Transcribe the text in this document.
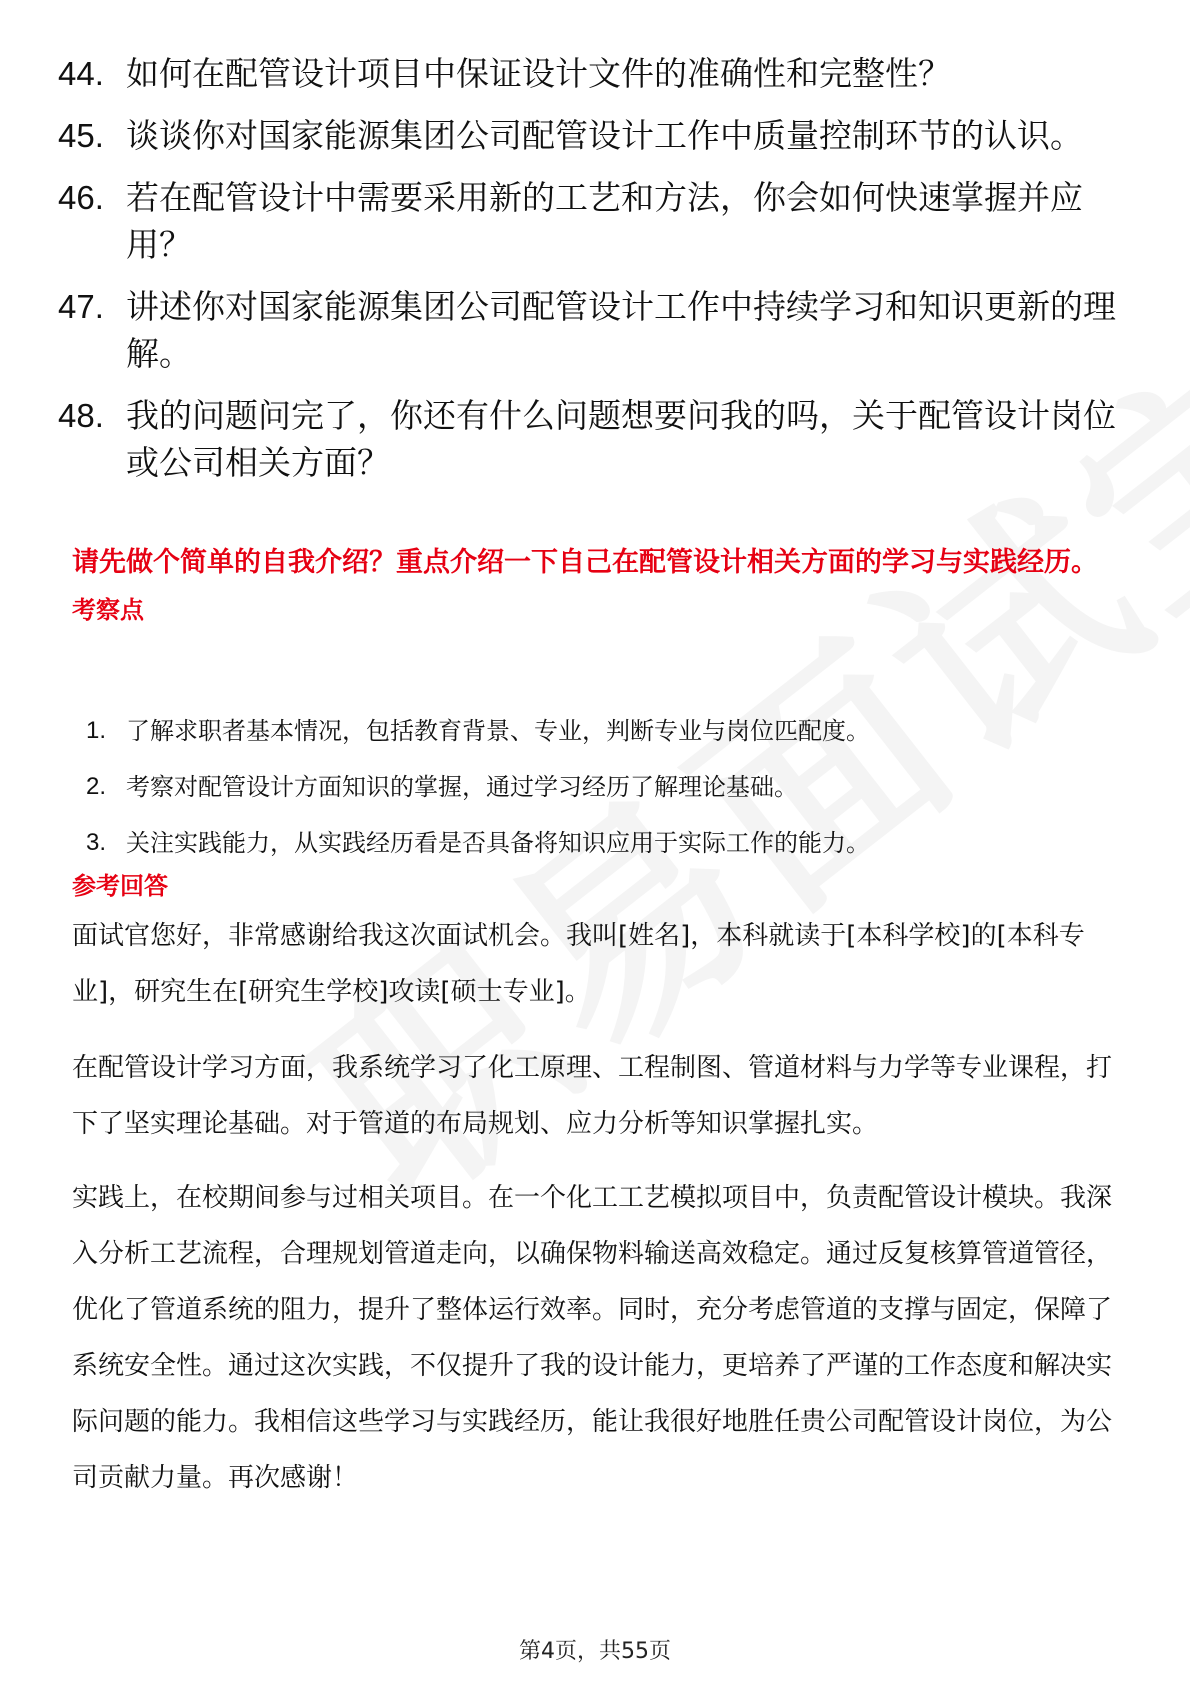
44. 如何在配管设计项目中保证设计文件的准确性和完整性？
45. 谈谈你对国家能源集团公司配管设计工作中质量控制环节的认识。
46. 若在配管设计中需要采用新的工艺和方法，你会如何快速掌握并应用？
47. 讲述你对国家能源集团公司配管设计工作中持续学习和知识更新的理解。
48. 我的问题问完了，你还有什么问题想要问我的吗，关于配管设计岗位或公司相关方面？
请先做个简单的自我介绍？重点介绍一下自己在配管设计相关方面的学习与实践经历。
考察点
1. 了解求职者基本情况，包括教育背景、专业，判断专业与岗位匹配度。
2. 考察对配管设计方面知识的掌握，通过学习经历了解理论基础。
3. 关注实践能力，从实践经历看是否具备将知识应用于实际工作的能力。
参考回答
面试官您好，非常感谢给我这次面试机会。我叫[姓名]，本科就读于[本科学校]的[本科专业]，研究生在[研究生学校]攻读[硕士专业]。
在配管设计学习方面，我系统学习了化工原理、工程制图、管道材料与力学等专业课程，打下了坚实理论基础。对于管道的布局规划、应力分析等知识掌握扎实。
实践上，在校期间参与过相关项目。在一个化工工艺模拟项目中，负责配管设计模块。我深入分析工艺流程，合理规划管道走向，以确保物料输送高效稳定。通过反复核算管道管径，优化了管道系统的阻力，提升了整体运行效率。同时，充分考虑管道的支撑与固定，保障了系统安全性。通过这次实践，不仅提升了我的设计能力，更培养了严谨的工作态度和解决实际问题的能力。我相信这些学习与实践经历，能让我很好地胜任贵公司配管设计岗位，为公司贡献力量。再次感谢！
第4页，共55页
